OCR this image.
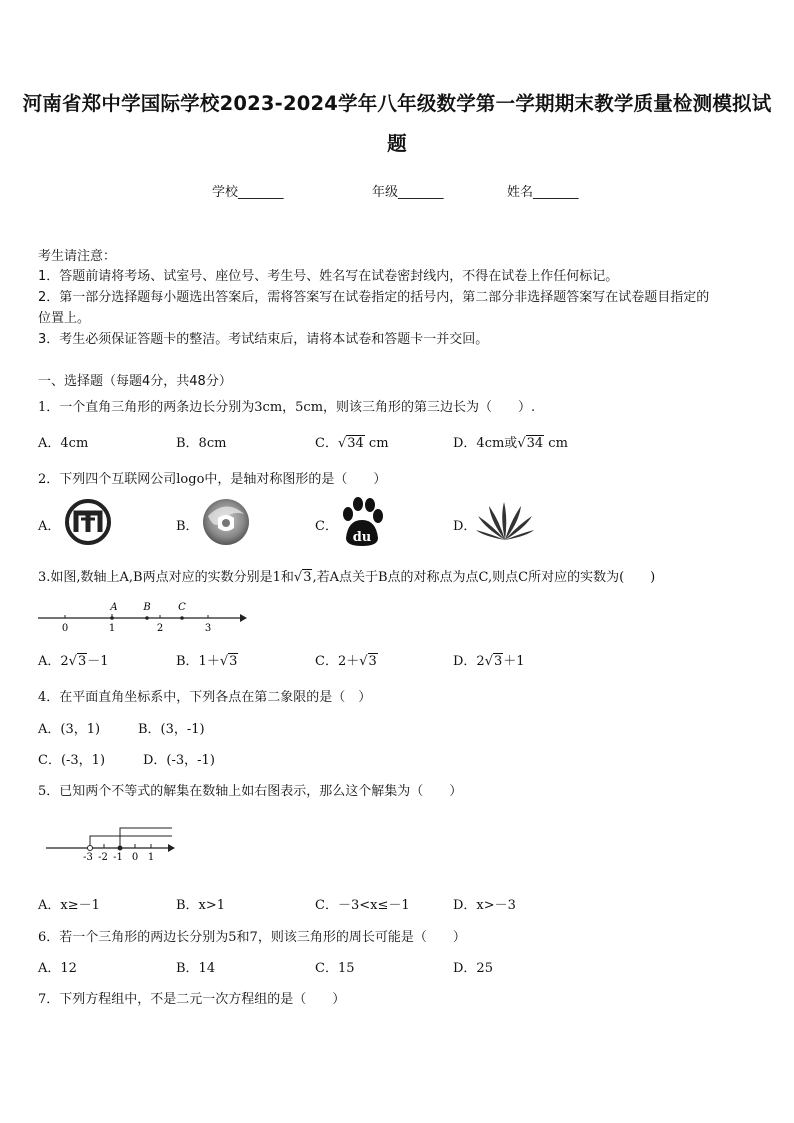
河南省郑中学国际学校2023-2024学年八年级数学第一学期期末教学质量检测模拟试
题
学校_______	年级_______	姓名_______
考生请注意：
1．答题前请将考场、试室号、座位号、考生号、姓名写在试卷密封线内，不得在试卷上作任何标记。
2．第一部分选择题每小题选出答案后，需将答案写在试卷指定的括号内，第二部分非选择题答案写在试卷题目指定的
位置上。
3．考生必须保证答题卡的整洁。考试结束后，请将本试卷和答题卡一并交回。
一、选择题（每题4分，共48分）
1．一个直角三角形的两条边长分别为3cm，5cm，则该三角形的第三边长为（　　）.
A．4cm	B．8cm	C．√34 cm	D．4cm或√34 cm
2．下列四个互联网公司logo中，是轴对称图形的是（　　）
A．	B．	C．
du
D．
3.如图,数轴上A,B两点对应的实数分别是1和√3,若A点关于B点的对称点为点C,则点C所对应的实数为(　　)
0	1	2	3
A	B	C
A．2√3－1	B．1＋√3	C．2＋√3	D．2√3＋1
4．在平面直角坐标系中，下列各点在第二象限的是（　）
A．(3，1)	B．(3，-1)
C．(-3，1)	D．(-3，-1)
5．已知两个不等式的解集在数轴上如右图表示，那么这个解集为（　　）
-3 -2 -1 0 1
A．x≥－1	B．x>1	C．－3<x≤－1	D．x>－3
6．若一个三角形的两边长分别为5和7，则该三角形的周长可能是（　　）
A．12	B．14	C．15	D．25
7．下列方程组中，不是二元一次方程组的是（　　）
